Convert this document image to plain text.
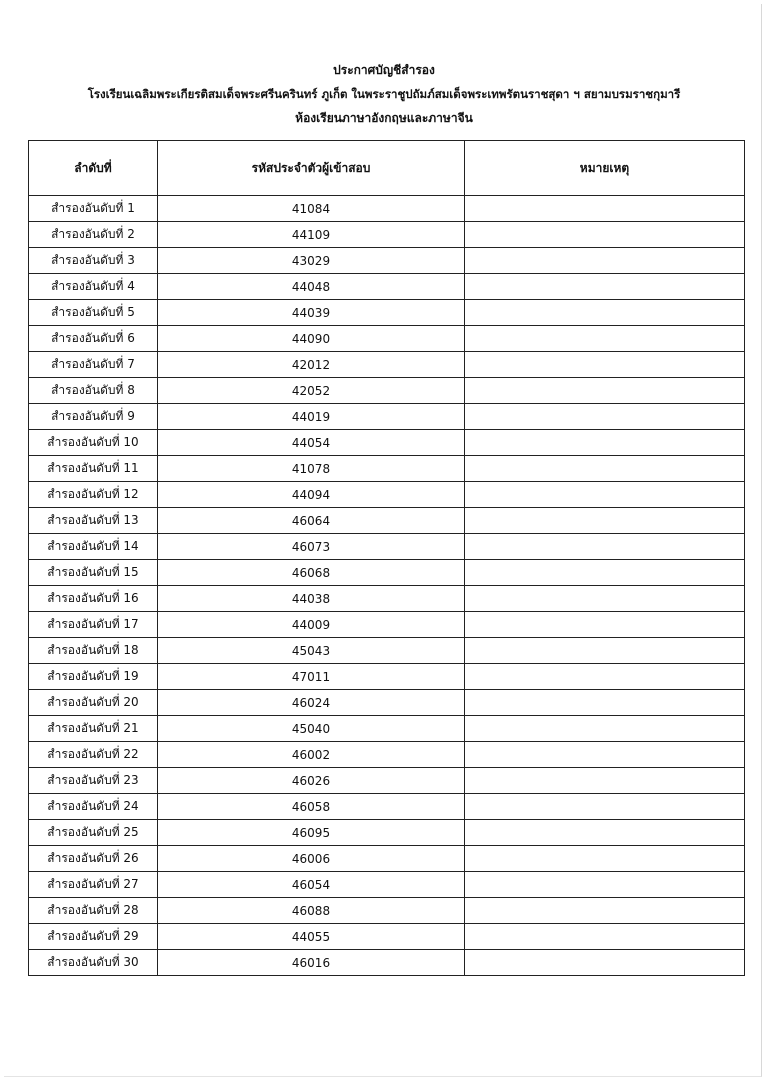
ประกาศบัญชีสำรอง
โรงเรียนเฉลิมพระเกียรติสมเด็จพระศรีนครินทร์ ภูเก็ต ในพระราชูปถัมภ์สมเด็จพระเทพรัตนราชสุดา ฯ สยามบรมราชกุมารี
ห้องเรียนภาษาอังกฤษและภาษาจีน
ลำดับที่	รหัสประจำตัวผู้เข้าสอบ	หมายเหตุ
สำรองอันดับที่ 1	41084	
สำรองอันดับที่ 2	44109	
สำรองอันดับที่ 3	43029	
สำรองอันดับที่ 4	44048	
สำรองอันดับที่ 5	44039	
สำรองอันดับที่ 6	44090	
สำรองอันดับที่ 7	42012	
สำรองอันดับที่ 8	42052	
สำรองอันดับที่ 9	44019	
สำรองอันดับที่ 10	44054	
สำรองอันดับที่ 11	41078	
สำรองอันดับที่ 12	44094	
สำรองอันดับที่ 13	46064	
สำรองอันดับที่ 14	46073	
สำรองอันดับที่ 15	46068	
สำรองอันดับที่ 16	44038	
สำรองอันดับที่ 17	44009	
สำรองอันดับที่ 18	45043	
สำรองอันดับที่ 19	47011	
สำรองอันดับที่ 20	46024	
สำรองอันดับที่ 21	45040	
สำรองอันดับที่ 22	46002	
สำรองอันดับที่ 23	46026	
สำรองอันดับที่ 24	46058	
สำรองอันดับที่ 25	46095	
สำรองอันดับที่ 26	46006	
สำรองอันดับที่ 27	46054	
สำรองอันดับที่ 28	46088	
สำรองอันดับที่ 29	44055	
สำรองอันดับที่ 30	46016	
